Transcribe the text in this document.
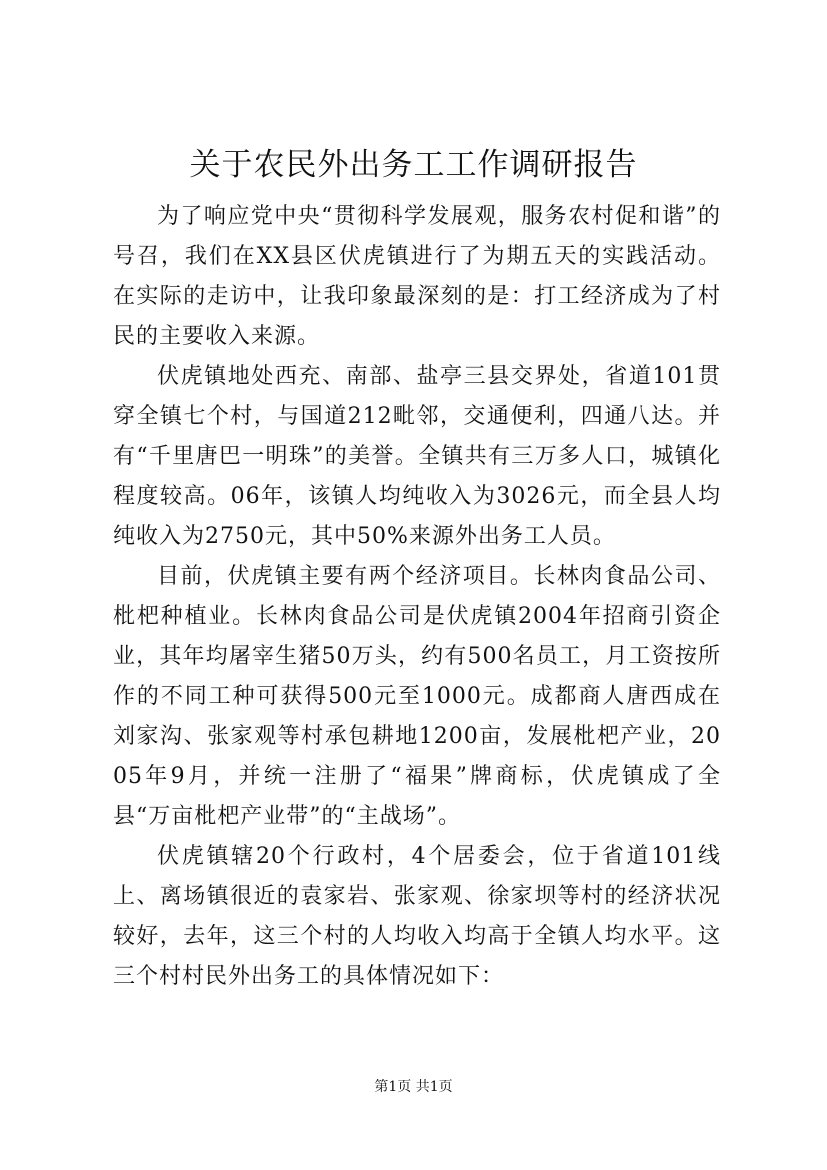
关于农民外出务工工作调研报告

为了响应党中央“贯彻科学发展观，服务农村促和谐”的号召，我们在XX县区伏虎镇进行了为期五天的实践活动。在实际的走访中，让我印象最深刻的是：打工经济成为了村民的主要收入来源。

伏虎镇地处西充、南部、盐亭三县交界处，省道101贯穿全镇七个村，与国道212毗邻，交通便利，四通八达。并有“千里唐巴一明珠”的美誉。全镇共有三万多人口，城镇化程度较高。06年，该镇人均纯收入为3026元，而全县人均纯收入为2750元，其中50%来源外出务工人员。

目前，伏虎镇主要有两个经济项目。长林肉食品公司、枇杷种植业。长林肉食品公司是伏虎镇2004年招商引资企业，其年均屠宰生猪50万头，约有500名员工，月工资按所作的不同工种可获得500元至1000元。成都商人唐西成在刘家沟、张家观等村承包耕地1200亩，发展枇杷产业，2005年9月，并统一注册了“福果”牌商标，伏虎镇成了全县“万亩枇杷产业带”的“主战场”。

伏虎镇辖20个行政村，4个居委会，位于省道101线上、离场镇很近的袁家岩、张家观、徐家坝等村的经济状况较好，去年，这三个村的人均收入均高于全镇人均水平。这三个村村民外出务工的具体情况如下：

第1页 共1页
